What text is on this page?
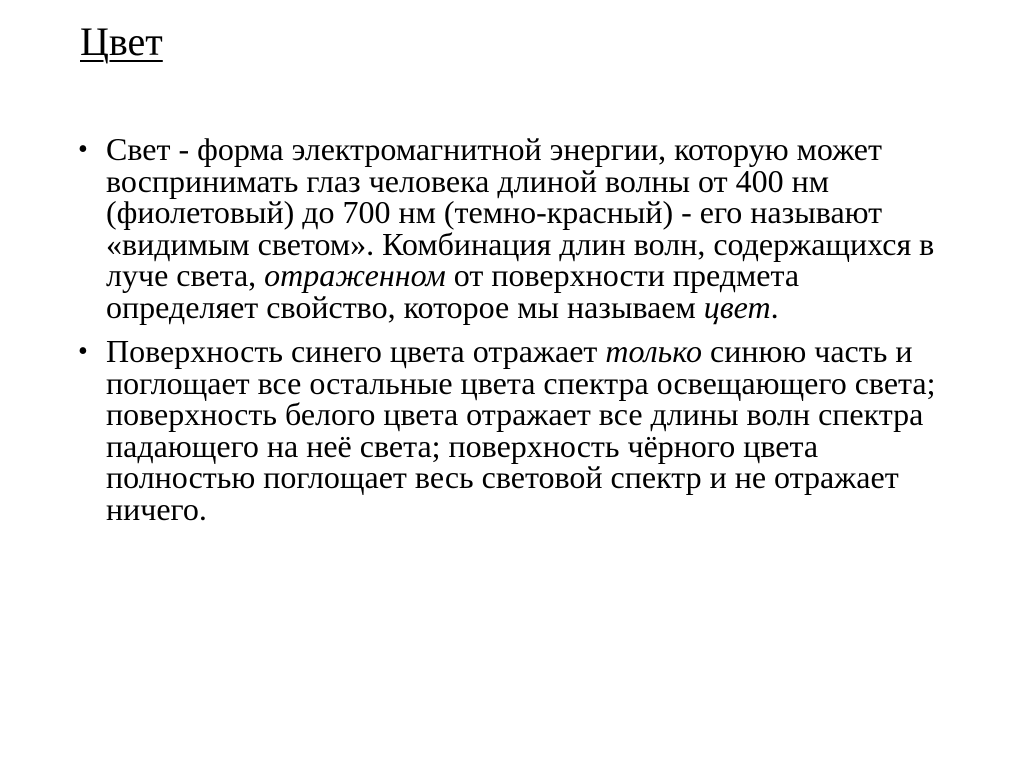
Цвет
• Свет - форма электромагнитной энергии, которую может воспринимать глаз человека длиной волны от 400 нм (фиолетовый) до 700 нм (темно-красный) - его называют «видимым светом». Комбинация длин волн, содержащихся в луче света, отраженном от поверхности предмета определяет свойство, которое мы называем цвет.
• Поверхность синего цвета отражает только синюю часть и поглощает все остальные цвета спектра освещающего света; поверхность белого цвета отражает все длины волн спектра падающего на неё света; поверхность чёрного цвета полностью поглощает весь световой спектр и не отражает ничего.
